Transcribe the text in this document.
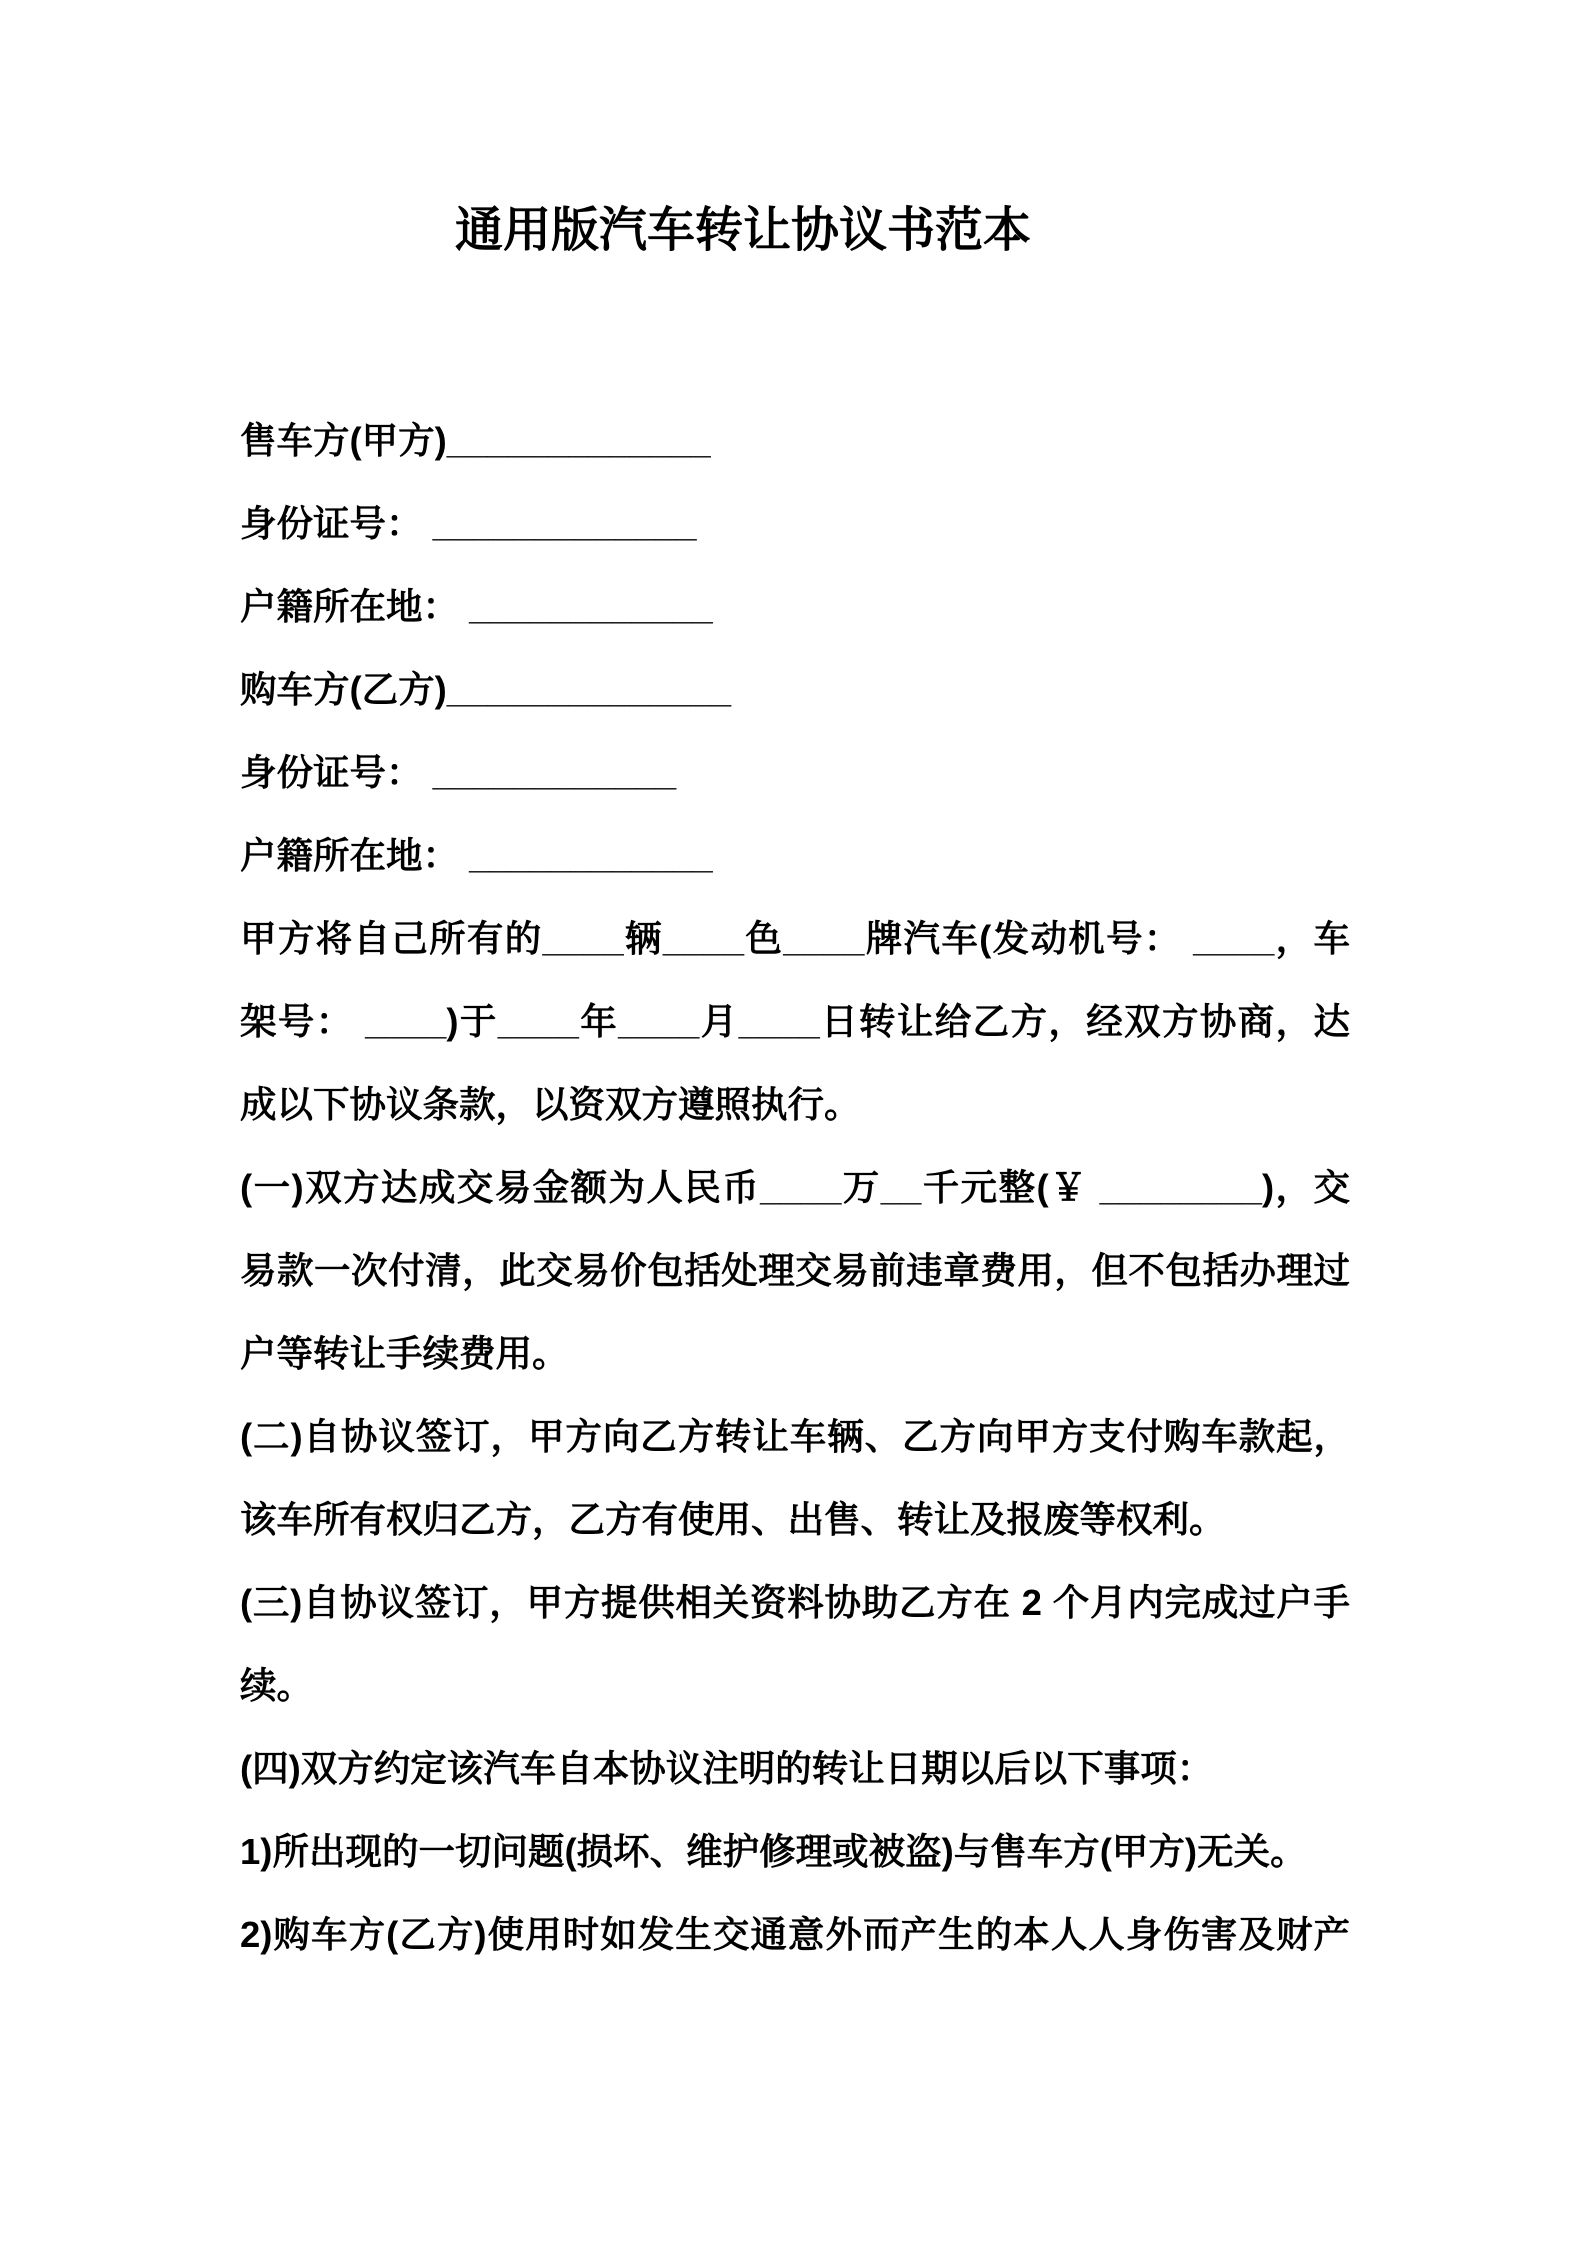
通用版汽车转让协议书范本
售车方(甲方)_____________
身份证号： _____________
户籍所在地： ____________
购车方(乙方)______________
身份证号： ____________
户籍所在地： ____________
甲方将自己所有的____辆____色____牌汽车(发动机号： ____，车
架号： ____)于____年____月____日转让给乙方，经双方协商，达
成以下协议条款，以资双方遵照执行。
(一)双方达成交易金额为人民币____万__千元整(￥ ________)，交
易款一次付清，此交易价包括处理交易前违章费用，但不包括办理过
户等转让手续费用。
(二)自协议签订，甲方向乙方转让车辆、乙方向甲方支付购车款起，
该车所有权归乙方，乙方有使用、出售、转让及报废等权利。
(三)自协议签订，甲方提供相关资料协助乙方在 2 个月内完成过户手
续。
(四)双方约定该汽车自本协议注明的转让日期以后以下事项：
1)所出现的一切问题(损坏、维护修理或被盗)与售车方(甲方)无关。
2)购车方(乙方)使用时如发生交通意外而产生的本人人身伤害及财产
